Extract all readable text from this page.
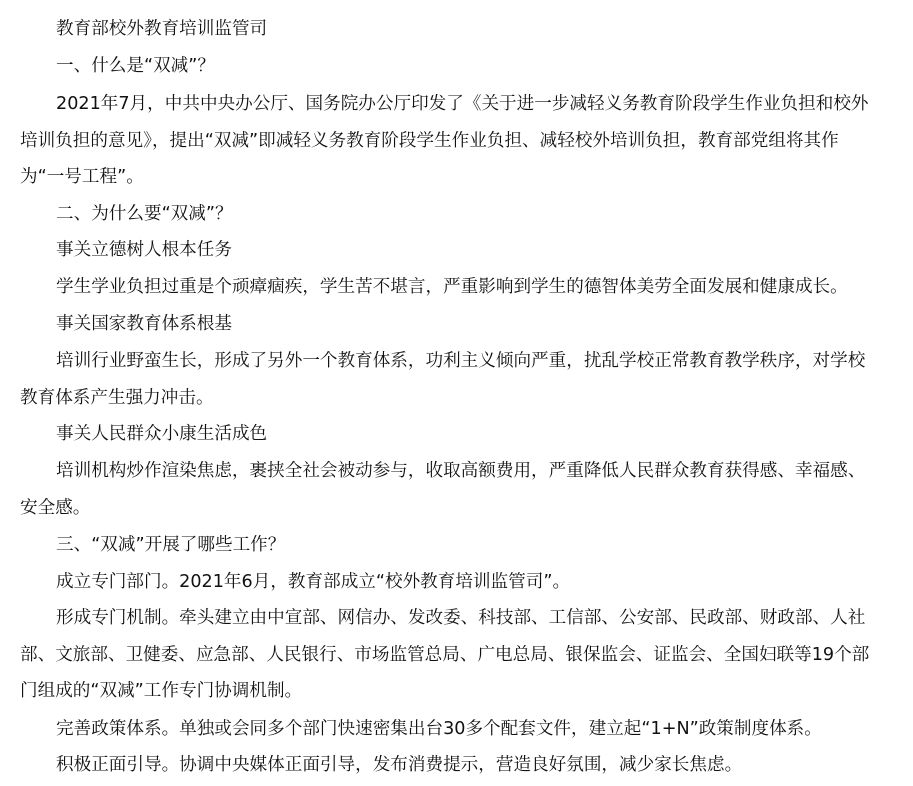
教育部校外教育培训监管司

一、什么是“双减”？

2021年7月，中共中央办公厅、国务院办公厅印发了《关于进一步减轻义务教育阶段学生作业负担和校外

培训负担的意见》，提出“双减”即减轻义务教育阶段学生作业负担、减轻校外培训负担，教育部党组将其作

为“一号工程”。

二、为什么要“双减”？

事关立德树人根本任务

学生学业负担过重是个顽瘴痼疾，学生苦不堪言，严重影响到学生的德智体美劳全面发展和健康成长。

事关国家教育体系根基

培训行业野蛮生长，形成了另外一个教育体系，功利主义倾向严重，扰乱学校正常教育教学秩序，对学校

教育体系产生强力冲击。

事关人民群众小康生活成色

培训机构炒作渲染焦虑，裹挟全社会被动参与，收取高额费用，严重降低人民群众教育获得感、幸福感、

安全感。

三、“双减”开展了哪些工作？

成立专门部门。2021年6月，教育部成立“校外教育培训监管司”。

形成专门机制。牵头建立由中宣部、网信办、发改委、科技部、工信部、公安部、民政部、财政部、人社

部、文旅部、卫健委、应急部、人民银行、市场监管总局、广电总局、银保监会、证监会、全国妇联等19个部

门组成的“双减”工作专门协调机制。

完善政策体系。单独或会同多个部门快速密集出台30多个配套文件，建立起“1+N”政策制度体系。

积极正面引导。协调中央媒体正面引导，发布消费提示，营造良好氛围，减少家长焦虑。
